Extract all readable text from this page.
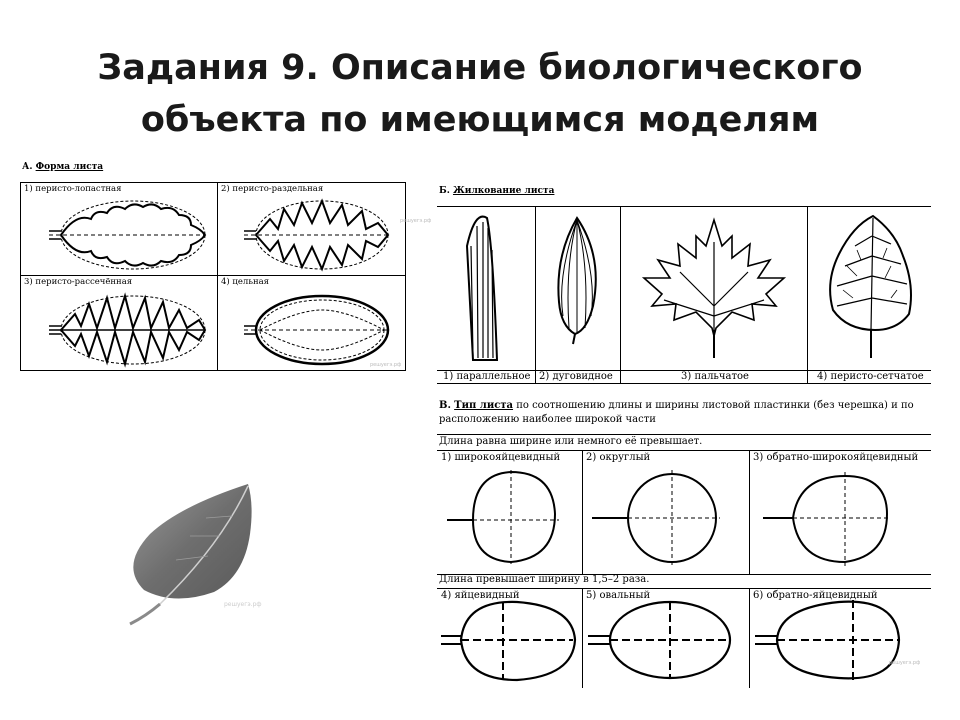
Задания 9. Описание биологического
объекта по имеющимся моделям
А. Форма листа
1) перисто-лопастная	2) перисто-раздельная
3) перисто-рассечённая	4) цельная
решуегэ.рф
Б. Жилкование листа
1) параллельное 2) дуговидное	3) пальчатое	4) перисто-сетчатое
В. Тип листа по соотношению длины и ширины листовой пластинки (без черешка) и по
расположению наиболее широкой части
Длина равна ширине или немного её превышает.
Длина превышает ширину в 1,5–2 раза.
1) широкояйцевидный	2) округлый	3) обратно-широкояйцевидный
4) яйцевидный	5) овальный	6) обратно-яйцевидный
решуегэ.рф
решуегэ.рф
решуегэ.рф
